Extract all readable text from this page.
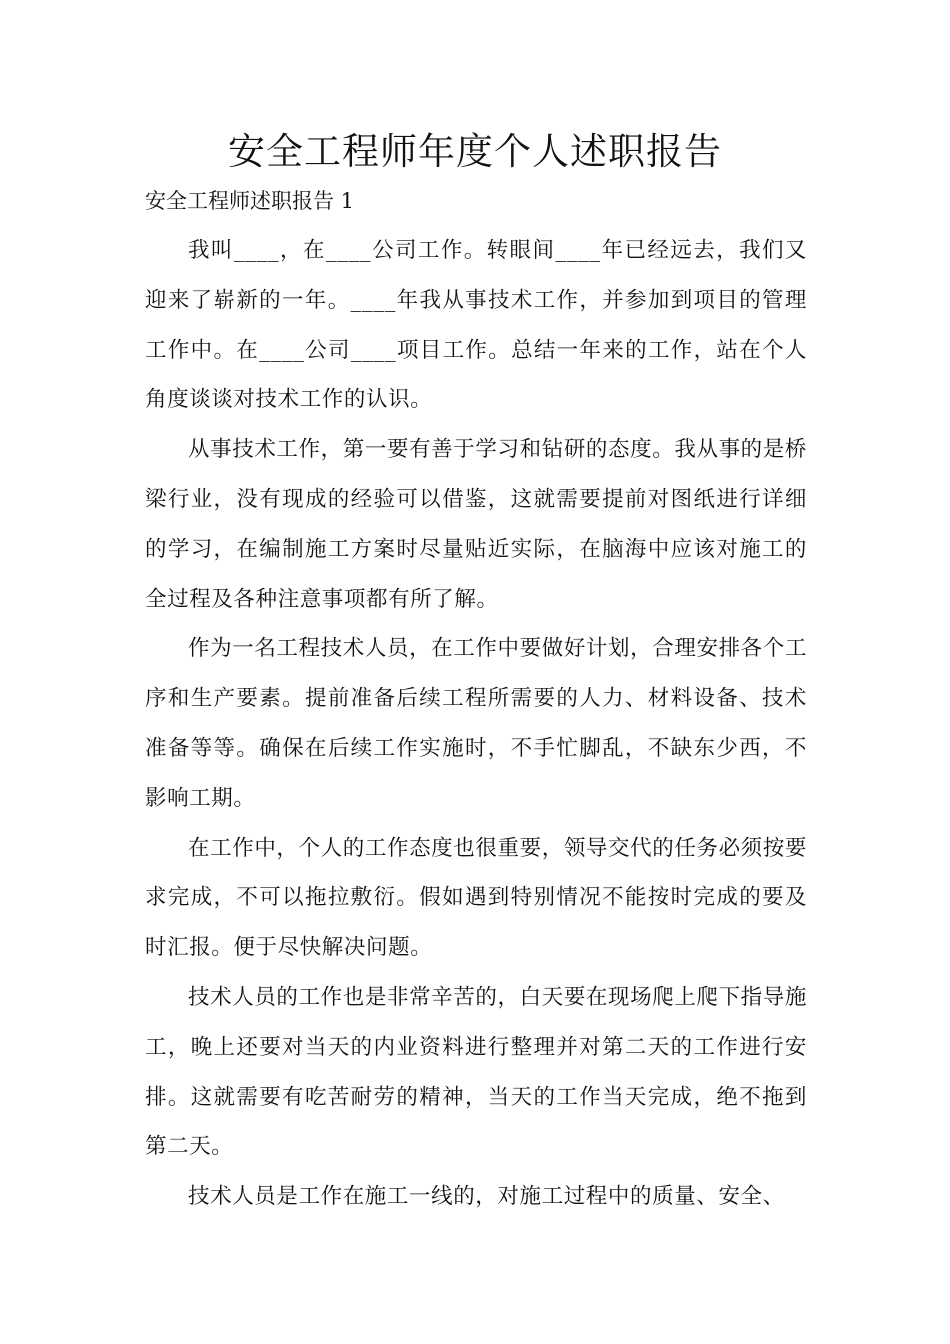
安全工程师年度个人述职报告

安全工程师述职报告 1

我叫____，在____公司工作。转眼间____年已经远去，我们又迎来了崭新的一年。____年我从事技术工作，并参加到项目的管理工作中。在____公司____项目工作。总结一年来的工作，站在个人角度谈谈对技术工作的认识。

从事技术工作，第一要有善于学习和钻研的态度。我从事的是桥梁行业，没有现成的经验可以借鉴，这就需要提前对图纸进行详细的学习，在编制施工方案时尽量贴近实际，在脑海中应该对施工的全过程及各种注意事项都有所了解。

作为一名工程技术人员，在工作中要做好计划，合理安排各个工序和生产要素。提前准备后续工程所需要的人力、材料设备、技术准备等等。确保在后续工作实施时，不手忙脚乱，不缺东少西，不影响工期。

在工作中，个人的工作态度也很重要，领导交代的任务必须按要求完成，不可以拖拉敷衍。假如遇到特别情况不能按时完成的要及时汇报。便于尽快解决问题。

技术人员的工作也是非常辛苦的，白天要在现场爬上爬下指导施工，晚上还要对当天的内业资料进行整理并对第二天的工作进行安排。这就需要有吃苦耐劳的精神，当天的工作当天完成，绝不拖到第二天。

技术人员是工作在施工一线的，对施工过程中的质量、安全、
